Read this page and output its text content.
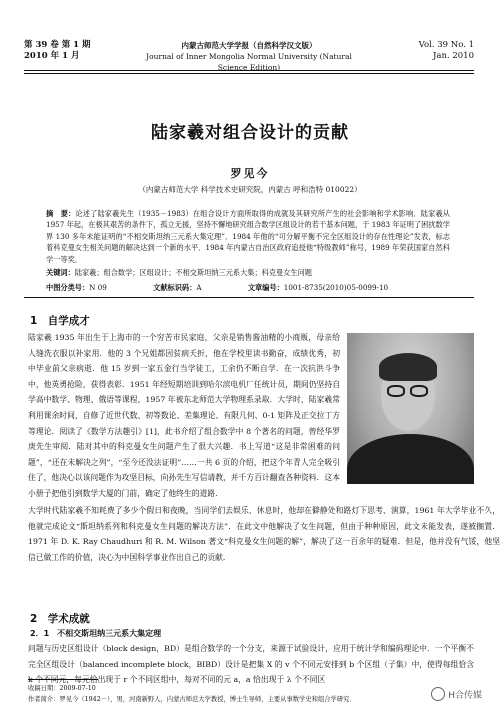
第 39 卷 第 1 期
2010 年 1 月
内蒙古师范大学学报（自然科学汉文版）
Journal of Inner Mongolia Normal University (Natural Science Edition)
Vol. 39 No. 1
Jan. 2010
陆家羲对组合设计的贡献
罗见今
（内蒙古师范大学 科学技术史研究院，内蒙古 呼和浩特 010022）
摘　要：论述了陆家羲先生（1935－1983）在组合设计方面所取得的成就及其研究所产生的社会影响和学术影响．陆家羲从 1957 年起，在极其艰苦的条件下，孤立无援，坚持不懈地研究组合数学区组设计的若干基本问题，于 1983 年证明了困扰数学界 130 多年未能证明的“不相交斯坦纳三元系大集定理”．1984 年他的“可分解平衡不完全区组设计的存在性理论”发表，标志着科克曼女生相关问题的解决达到一个新的水平．1984 年内蒙古自治区政府追授他“特级教师”称号，1989 年荣获国家自然科学一等奖．
关键词：陆家羲；组合数学；区组设计；不相交斯坦纳三元系大集；科克曼女生问题
中图分类号：N 09	文献标识码：A	文章编号：1001-8735(2010)05-0099-10
1　自学成才
陆家羲 1935 年出生于上海市的一个穷苦市民家庭，父亲是销售酱油精的小商贩，母亲给人缝洗衣服以补家用．他的 3 个兄姐都因贫病夭折，他在学校里读书勤奋，成绩优秀，初中毕业前父亲病逝．他 15 岁到一家五金行当学徒工，工余仍不断自学．在一次抗洪斗争中，他英勇抢险，获得表彰．1951 年经短期培训到哈尔滨电机厂任统计员，期间仍坚持自学高中数学、物理、俄语等课程，1957 年被东北师范大学物理系录取．大学时，陆家羲常利用课余时间，自修了近世代数、初等数论、差集理论、有限几何、0-1 矩阵及正交拉丁方等理论．阅读了《数学方法趣引》[1]，此书介绍了组合数学中 8 个著名的问题，曾经华罗庚先生审阅．陆对其中的科克曼女生问题产生了很大兴趣．书上写道“这是非常困难的问题”，“还在未解决之列”，“至今还没法证明”……一共 6 页的介绍，把这个年青人完全吸引住了，他决心以该问题作为攻坚目标，向孙先生写信请教，并千方百计翻查各种资料．这本小册子把他引到数学大厦的门前，确定了他终生的道路．
大学时代陆家羲不知耗费了多少个假日和夜晚，当同学们去娱乐、休息时，他却在僻静处和路灯下思考、演算，1961 年大学毕业不久，他就完成论文“斯坦纳系列和科克曼女生问题的解决方法”．在此文中他解决了女生问题，但由于种种原因，此文未能发表，遂被搁置．1971 年 D. K. Ray Chaudhuri 和 R. M. Wilson 著文“科克曼女生问题的解”，解决了这一百余年的疑难．但是，他并没有气馁，他坚信已做工作的价值，决心为中国科学事业作出自己的贡献．
2　学术成就
2．1　不相交斯坦纳三元系大集定理
问题与历史区组设计（block design，BD）是组合数学的一个分支，来源于试验设计，应用于统计学和编码理论中．一个平衡不完全区组设计（balanced incomplete block，BIBD）设计是把集 X 的 v 个不同元安排到 b 个区组（子集）中，使得每组恰含 k 个不同元，每元恰出现于 r 个不同区组中，每对不同的元 a，a 恰出现于 λ 个不同区
收稿日期：2009-07-10
作者简介：罗见今（1942－），男，河南新野人，内蒙古师范大学教授，博士生导师，主要从事数学史和组合学研究．	H合传媒
